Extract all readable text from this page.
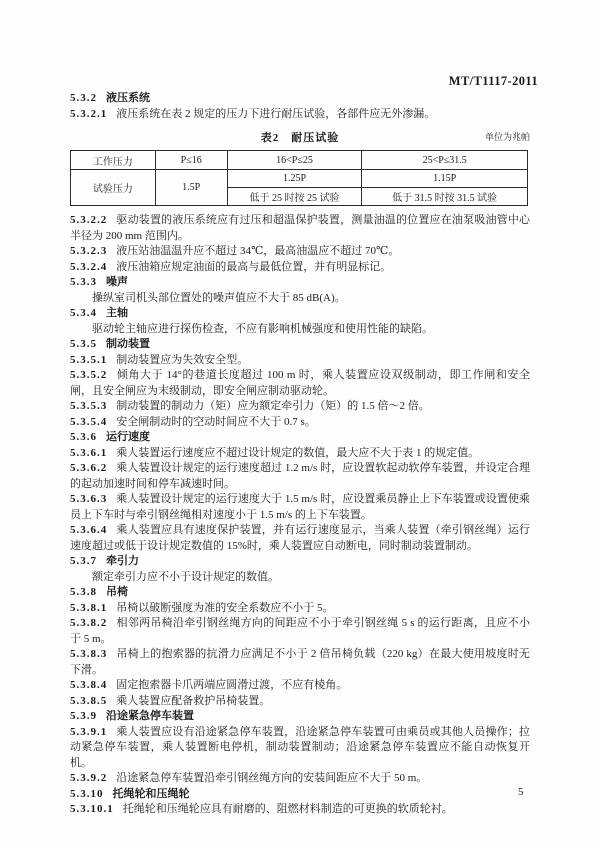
MT/T1117-2011

5.3.2 液压系统

5.3.2.1 液压系统在表 2 规定的压力下进行耐压试验，各部件应无外渗漏。

表2　耐压试验	单位为兆帕
工作压力	P≤16	16<P≤25	25<P≤31.5
试验压力	1.5P	1.25P	1.15P
		低于 25 时按 25 试验	低于 31.5 时按 31.5 试验

5.3.2.2 驱动装置的液压系统应有过压和超温保护装置，测量油温的位置应在油泵吸油管中心半径为 200 mm 范围内。

5.3.2.3 液压站油温温升应不超过 34℃，最高油温应不超过 70℃。

5.3.2.4 液压油箱应规定油面的最高与最低位置，并有明显标记。

5.3.3 噪声

操纵室司机头部位置处的噪声值应不大于 85 dB(A)。

5.3.4 主轴

驱动轮主轴应进行探伤检查，不应有影响机械强度和使用性能的缺陷。

5.3.5 制动装置

5.3.5.1 制动装置应为失效安全型。

5.3.5.2 倾角大于 14°的巷道长度超过 100 m 时，乘人装置应设双级制动，即工作闸和安全闸，且安全闸应为末级制动，即安全闸应制动驱动轮。

5.3.5.3 制动装置的制动力（矩）应为额定牵引力（矩）的 1.5 倍～2 倍。

5.3.5.4 安全闸制动时的空动时间应不大于 0.7 s。

5.3.6 运行速度

5.3.6.1 乘人装置运行速度应不超过设计规定的数值，最大应不大于表 1 的规定值。

5.3.6.2 乘人装置设计规定的运行速度超过 1.2 m/s 时，应设置软起动软停车装置，并设定合理的起动加速时间和停车减速时间。

5.3.6.3 乘人装置设计规定的运行速度大于 1.5 m/s 时，应设置乘员静止上下车装置或设置使乘员上下车时与牵引钢丝绳相对速度小于 1.5 m/s 的上下车装置。

5.3.6.4 乘人装置应具有速度保护装置，并有运行速度显示，当乘人装置（牵引钢丝绳）运行速度超过或低于设计规定数值的 15%时，乘人装置应自动断电，同时制动装置制动。

5.3.7 牵引力

额定牵引力应不小于设计规定的数值。

5.3.8 吊椅

5.3.8.1 吊椅以破断强度为准的安全系数应不小于 5。

5.3.8.2 相邻两吊椅沿牵引钢丝绳方向的间距应不小于牵引钢丝绳 5 s 的运行距离，且应不小于 5 m。

5.3.8.3 吊椅上的抱索器的抗滑力应满足不小于 2 倍吊椅负载（220 kg）在最大使用坡度时无下滑。

5.3.8.4 固定抱索器卡爪两端应圆滑过渡，不应有棱角。

5.3.8.5 乘人装置应配备救护吊椅装置。

5.3.9 沿途紧急停车装置

5.3.9.1 乘人装置应设有沿途紧急停车装置，沿途紧急停车装置可由乘员或其他人员操作；拉动紧急停车装置，乘人装置断电停机，制动装置制动；沿途紧急停车装置应不能自动恢复开机。

5.3.9.2 沿途紧急停车装置沿牵引钢丝绳方向的安装间距应不大于 50 m。

5.3.10 托绳轮和压绳轮

5.3.10.1 托绳轮和压绳轮应具有耐磨的、阻燃材料制造的可更换的软质轮衬。

5
